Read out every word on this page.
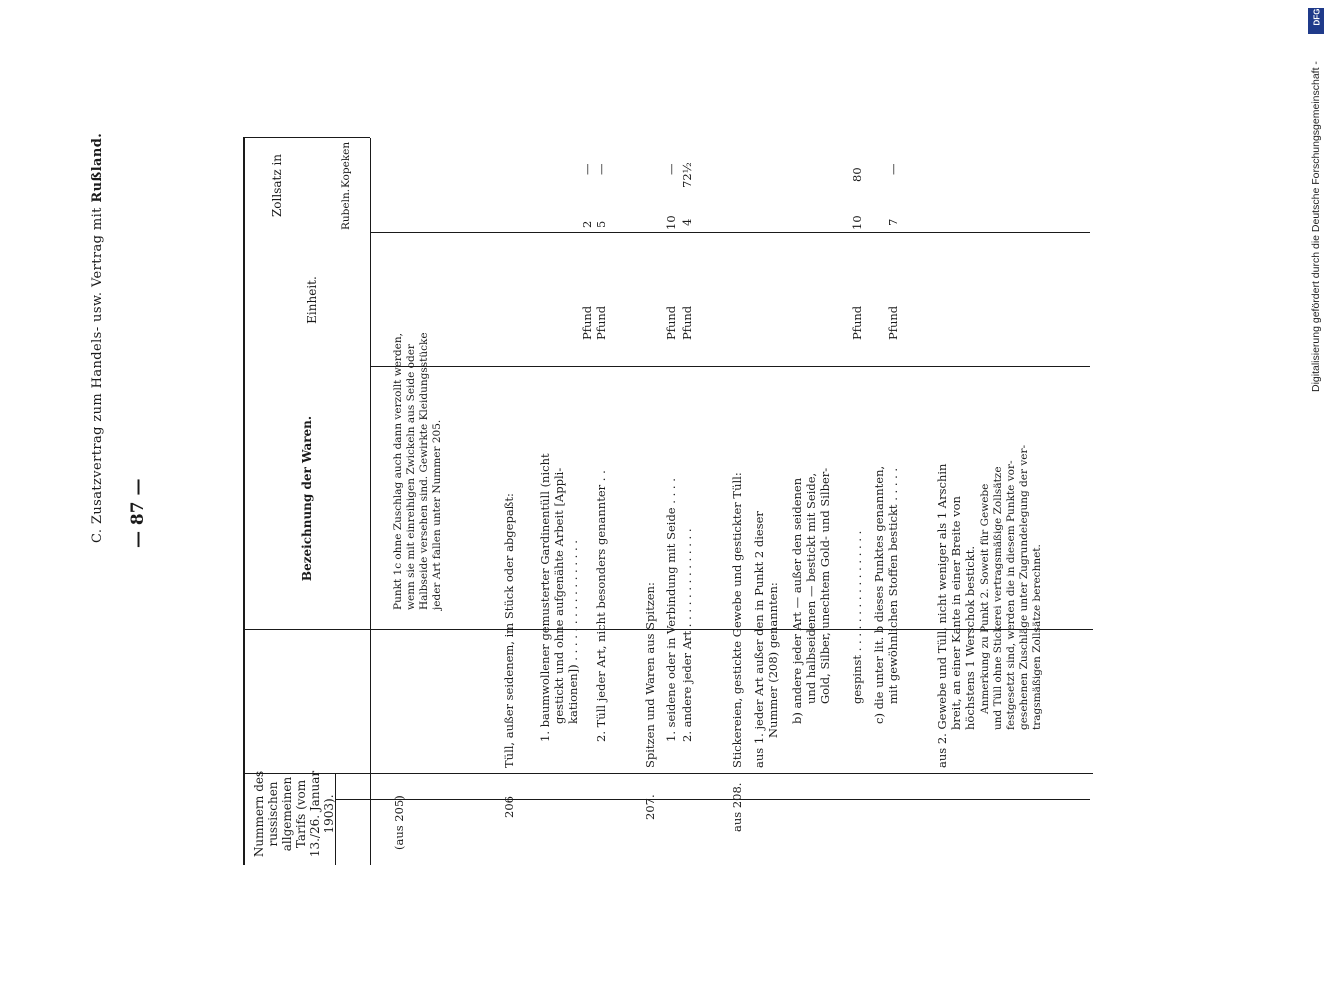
Digitalisierung gefördert durch die Deutsche Forschungsgemeinschaft -
DFG
C. Zusatzvertrag zum Handels- usw. Vertrag mit Rußland.
— 87 —
Nummern des russischen allgemeinen Tarifs (vom 13./26. Januar 1903).
Bezeichnung der Waren.
Einheit.
Zollsatz in	Rubeln.
Kopeken
(aus 205)
Punkt 1c ohne Zuschlag auch dann verzollt werden, wenn sie mit einreihigen Zwickeln aus Seide oder Halbseide versehen sind. Gewirkte Kleidungsstücke jeder Art fallen unter Nummer 205.
206
Tüll, außer seidenem, im Stück oder abgepaßt: 1. baumwollener gemusterter Gardinentüll (nicht gestickt und ohne aufgenähte Arbeit [Appli- kationen]) . . . . . . . . . . . . . . . . . 2. Tüll jeder Art, nicht besonders genannter . .
Pfund Pfund
2 5
— —
207.
Spitzen und Waren aus Spitzen: 1. seidene oder in Verbindung mit Seide . . . . 2. andere jeder Art . . . . . . . . . . . . . .
Pfund Pfund
10 4
— 72½
aus 208.
Stickereien, gestickte Gewebe und gestickter Tüll: aus 1. jeder Art außer den in Punkt 2 dieser Nummer (208) genannten: b) andere jeder Art — außer den seidenen und halbseidenen — bestickt mit Seide, Gold, Silber, unechtem Gold- und Silber- gespinst . . . . . . . . . . . . . . . . . c) die unter lit. b dieses Punktes genannten, mit gewöhnlichen Stoffen bestickt . . . . .
Pfund Pfund
10 7
80 —
aus 2. Gewebe und Tüll, nicht weniger als 1 Arschin breit, an einer Kante in einer Breite von höchstens 1 Werschok bestickt. Anmerkung zu Punkt 2. Soweit für Gewebe und Tüll ohne Stickerei vertragsmäßige Zollsätze festgesetzt sind, werden die in diesem Punkte vor- gesehenen Zuschläge unter Zugrundelegung der ver- tragsmäßigen Zollsätze berechnet.
